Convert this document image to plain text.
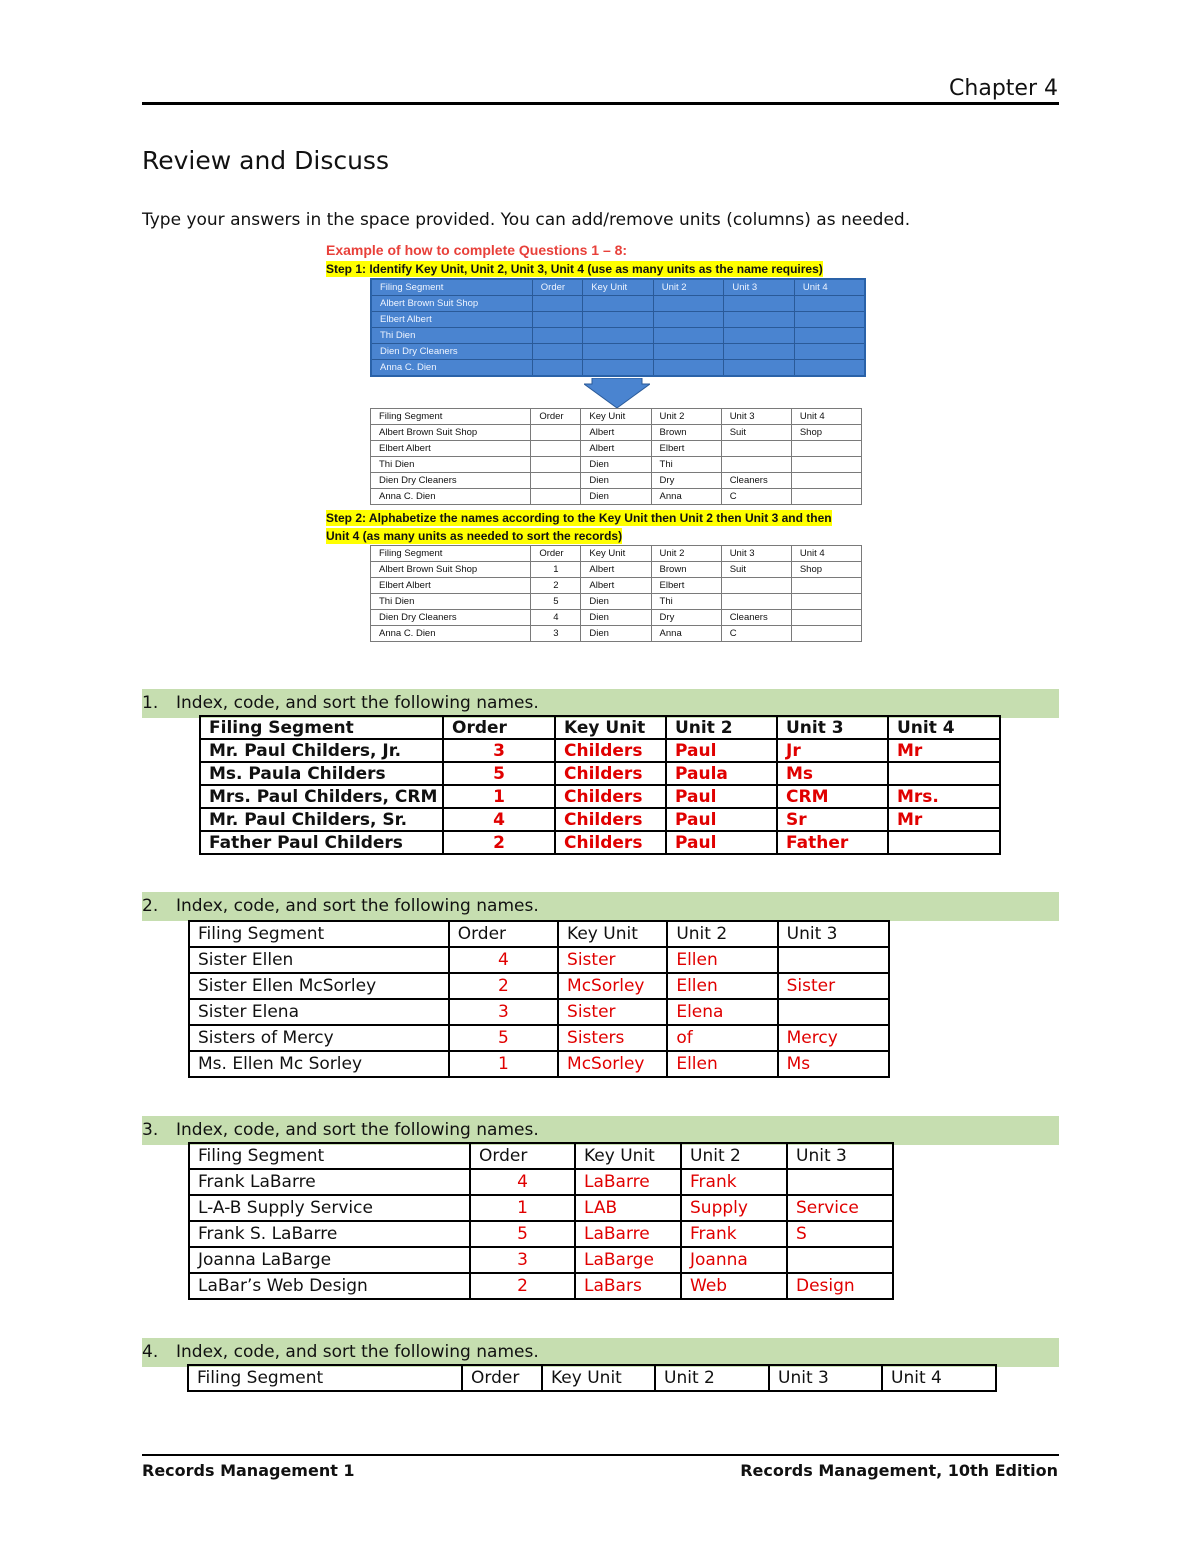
Chapter 4
Review and Discuss
Type your answers in the space provided. You can add/remove units (columns) as needed.
Example of how to complete Questions 1 – 8:
Step 1: Identify Key Unit, Unit 2, Unit 3, Unit 4 (use as many units as the name requires)
Filing Segment	Order	Key Unit	Unit 2	Unit 3	Unit 4
Albert Brown Suit Shop					
Elbert Albert					
Thi Dien					
Dien Dry Cleaners					
Anna C. Dien					
Filing Segment	Order	Key Unit	Unit 2	Unit 3	Unit 4
Albert Brown Suit Shop		Albert	Brown	Suit	Shop
Elbert Albert		Albert	Elbert		
Thi Dien		Dien	Thi		
Dien Dry Cleaners		Dien	Dry	Cleaners	
Anna C. Dien		Dien	Anna	C	
Step 2: Alphabetize the names according to the Key Unit then Unit 2 then Unit 3 and then
Unit 4 (as many units as needed to sort the records)
Filing Segment	Order	Key Unit	Unit 2	Unit 3	Unit 4
Albert Brown Suit Shop	1	Albert	Brown	Suit	Shop
Elbert Albert	2	Albert	Elbert		
Thi Dien	5	Dien	Thi		
Dien Dry Cleaners	4	Dien	Dry	Cleaners	
Anna C. Dien	3	Dien	Anna	C	
1. Index, code, and sort the following names.
Filing Segment	Order	Key Unit	Unit 2	Unit 3	Unit 4
Mr. Paul Childers, Jr.	3	Childers	Paul	Jr	Mr
Ms. Paula Childers	5	Childers	Paula	Ms	
Mrs. Paul Childers, CRM	1	Childers	Paul	CRM	Mrs.
Mr. Paul Childers, Sr.	4	Childers	Paul	Sr	Mr
Father Paul Childers	2	Childers	Paul	Father	
2. Index, code, and sort the following names.
Filing Segment	Order	Key Unit	Unit 2	Unit 3
Sister Ellen	4	Sister	Ellen	
Sister Ellen McSorley	2	McSorley	Ellen	Sister
Sister Elena	3	Sister	Elena	
Sisters of Mercy	5	Sisters	of	Mercy
Ms. Ellen Mc Sorley	1	McSorley	Ellen	Ms
3. Index, code, and sort the following names.
Filing Segment	Order	Key Unit	Unit 2	Unit 3
Frank LaBarre	4	LaBarre	Frank	
L-A-B Supply Service	1	LAB	Supply	Service
Frank S. LaBarre	5	LaBarre	Frank	S
Joanna LaBarge	3	LaBarge	Joanna	
LaBar’s Web Design	2	LaBars	Web	Design
4. Index, code, and sort the following names.
Filing Segment	Order	Key Unit	Unit 2	Unit 3	Unit 4
Records Management 1	Records Management, 10th Edition
